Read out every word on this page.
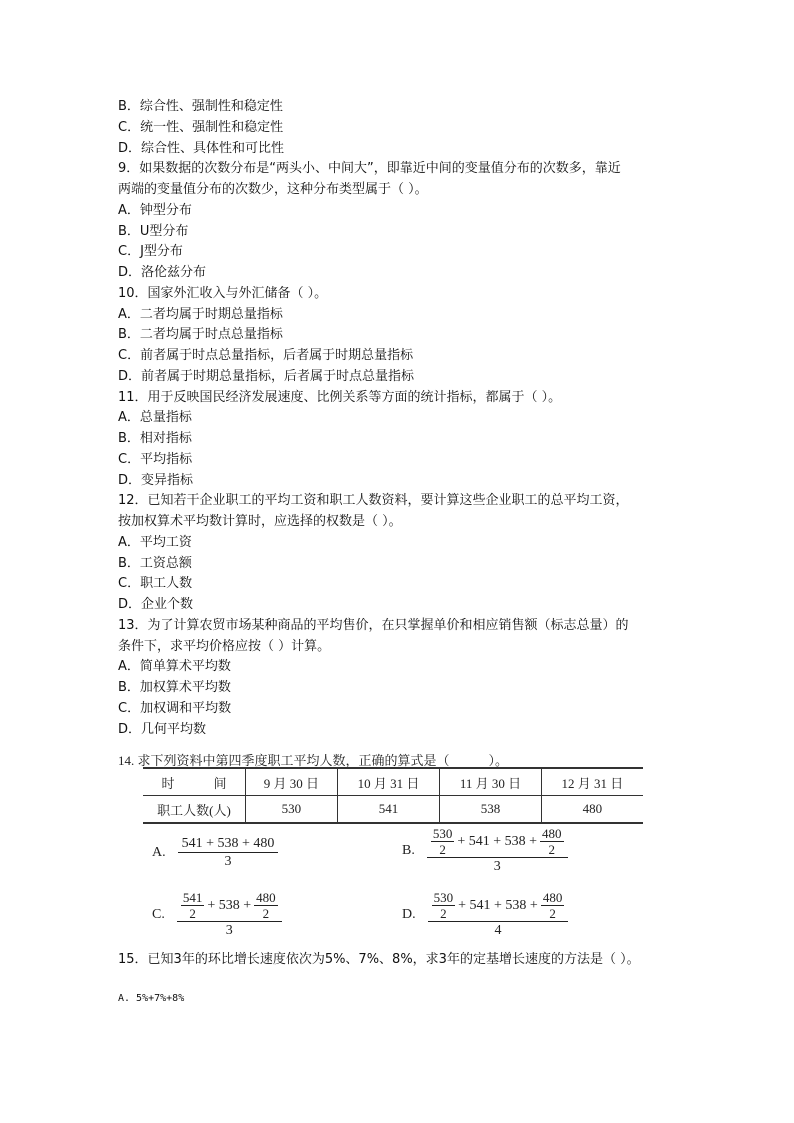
B．综合性、强制性和稳定性
C．统一性、强制性和稳定性
D．综合性、具体性和可比性
9．如果数据的次数分布是“两头小、中间大”，即靠近中间的变量值分布的次数多，靠近
两端的变量值分布的次数少，这种分布类型属于（ ）。
A．钟型分布
B．U型分布
C．J型分布
D．洛伦兹分布
10．国家外汇收入与外汇储备（ ）。
A．二者均属于时期总量指标
B．二者均属于时点总量指标
C．前者属于时点总量指标，后者属于时期总量指标
D．前者属于时期总量指标，后者属于时点总量指标
11．用于反映国民经济发展速度、比例关系等方面的统计指标，都属于（ ）。
A．总量指标
B．相对指标
C．平均指标
D．变异指标
12．已知若干企业职工的平均工资和职工人数资料，要计算这些企业职工的总平均工资，
按加权算术平均数计算时，应选择的权数是（ ）。
A．平均工资
B．工资总额
C．职工人数
D．企业个数
13．为了计算农贸市场某种商品的平均售价，在只掌握单价和相应销售额（标志总量）的
条件下，求平均价格应按（ ）计算。
A．简单算术平均数
B．加权算术平均数
C．加权调和平均数
D．几何平均数
14. 求下列资料中第四季度职工平均人数，正确的算式是（　　　）。
时　　　间	9 月 30 日	10 月 31 日	11 月 30 日	12 月 31 日
职工人数(人)	530	541	538	480
A. $\frac{541 + 538 + 480}{3}$	B. $\frac{\frac{530}{2} + 541 + 538 + \frac{480}{2}}{3}$
C. $\frac{\frac{541}{2} + 538 + \frac{480}{2}}{3}$	D. $\frac{\frac{530}{2} + 541 + 538 + \frac{480}{2}}{4}$
15．已知3年的环比增长速度依次为5%、7%、8%，求3年的定基增长速度的方法是（ ）。
A. 5%+7%+8%
